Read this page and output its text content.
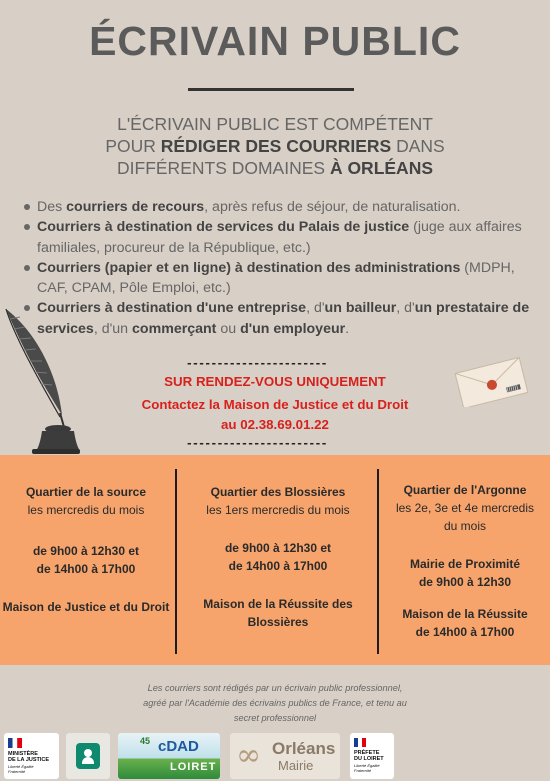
ÉCRIVAIN PUBLIC
L'ÉCRIVAIN PUBLIC EST COMPÉTENT
POUR RÉDIGER DES COURRIERS DANS
DIFFÉRENTS DOMAINES À ORLÉANS
Des courriers de recours, après refus de séjour, de naturalisation.
Courriers à destination de services du Palais de justice (juge aux affaires familiales, procureur de la République, etc.)
Courriers (papier et en ligne) à destination des administrations (MDPH, CAF, CPAM, Pôle Emploi, etc.)
Courriers à destination d'une entreprise, d'un bailleur, d'un prestataire de services, d'un commerçant ou d'un employeur.
-----------------------
SUR RENDEZ-VOUS UNIQUEMENT
Contactez la Maison de Justice et du Droit
au 02.38.69.01.22
-----------------------
Quartier de la source
les mercredis du mois
de 9h00 à 12h30 et
de 14h00 à 17h00
Maison de Justice et du Droit
Quartier des Blossières
les 1ers mercredis du mois
de 9h00 à 12h30 et
de 14h00 à 17h00
Maison de la Réussite des
Blossières
Quartier de l'Argonne
les 2e, 3e et 4e mercredis
du mois
Mairie de Proximité
de 9h00 à 12h30
Maison de la Réussite
de 14h00 à 17h00
Les courriers sont rédigés par un écrivain public professionnel,
agréé par l'Académie des écrivains publics de France, et tenu au
secret professionnel
MINISTÈRE
DE LA JUSTICE
Liberté Égalité Fraternité
45 cDAD
LOIRET ∞ Orléans
Mairie
PRÉFETE
DU LOIRET
Liberté Égalité Fraternité
